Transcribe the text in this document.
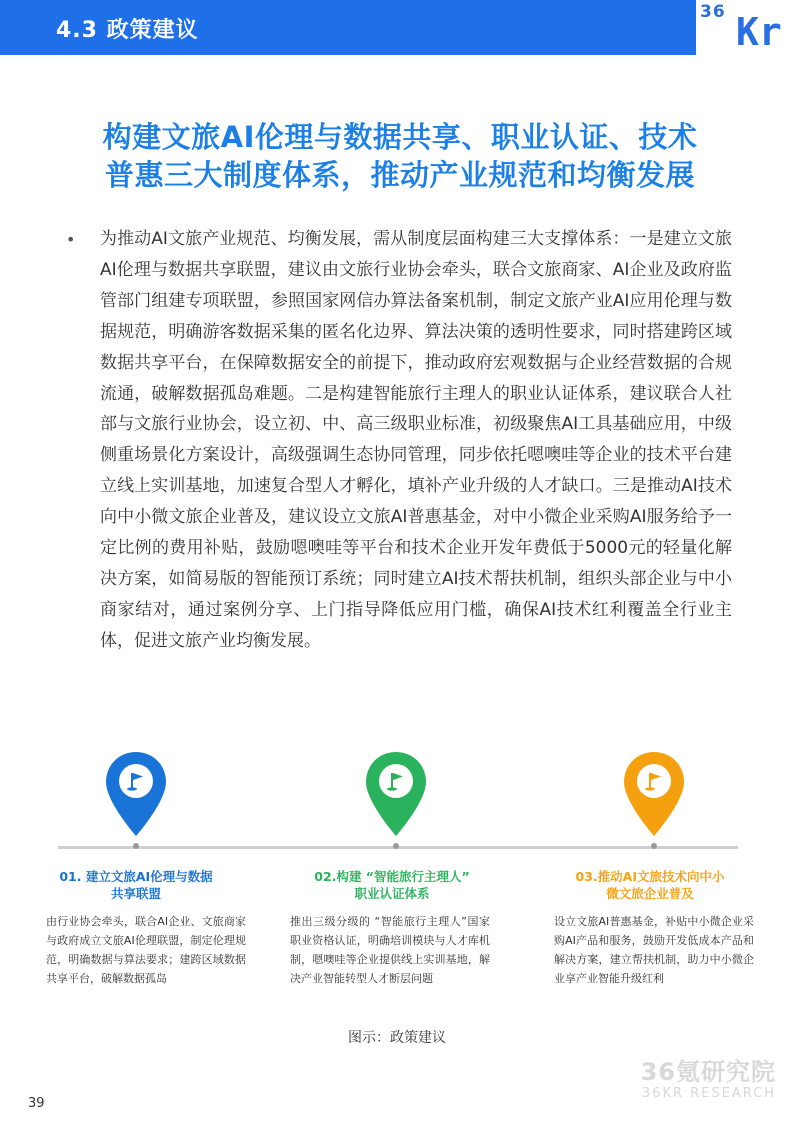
4.3 政策建议
36 Kr
构建文旅AI伦理与数据共享、职业认证、技术
普惠三大制度体系，推动产业规范和均衡发展
• 为推动AI文旅产业规范、均衡发展，需从制度层面构建三大支撑体系：一是建立文旅AI伦理与数据共享联盟，建议由文旅行业协会牵头，联合文旅商家、AI企业及政府监管部门组建专项联盟，参照国家网信办算法备案机制，制定文旅产业AI应用伦理与数据规范，明确游客数据采集的匿名化边界、算法决策的透明性要求，同时搭建跨区域数据共享平台，在保障数据安全的前提下，推动政府宏观数据与企业经营数据的合规流通，破解数据孤岛难题。二是构建智能旅行主理人的职业认证体系，建议联合人社部与文旅行业协会，设立初、中、高三级职业标准，初级聚焦AI工具基础应用，中级侧重场景化方案设计，高级强调生态协同管理，同步依托嗯噢哇等企业的技术平台建立线上实训基地，加速复合型人才孵化，填补产业升级的人才缺口。三是推动AI技术向中小微文旅企业普及，建议设立文旅AI普惠基金，对中小微企业采购AI服务给予一定比例的费用补贴，鼓励嗯噢哇等平台和技术企业开发年费低于5000元的轻量化解决方案，如简易版的智能预订系统；同时建立AI技术帮扶机制，组织头部企业与中小商家结对，通过案例分享、上门指导降低应用门槛，确保AI技术红利覆盖全行业主体，促进文旅产业均衡发展。
01. 建立文旅AI伦理与数据
共享联盟
02.构建 “智能旅行主理人”
职业认证体系
03.推动AI文旅技术向中小
微文旅企业普及
由行业协会牵头，联合AI企业、文旅商家与政府成立文旅AI伦理联盟，制定伦理规范，明确数据与算法要求；建跨区域数据共享平台，破解数据孤岛
推出三级分级的 “智能旅行主理人”国家职业资格认证，明确培训模块与人才库机制，嗯噢哇等企业提供线上实训基地，解决产业智能转型人才断层问题
设立文旅AI普惠基金，补贴中小微企业采购AI产品和服务，鼓励开发低成本产品和解决方案，建立帮扶机制，助力中小微企业享产业智能升级红利
图示：政策建议
36氪研究院
36KR RESEARCH
39
